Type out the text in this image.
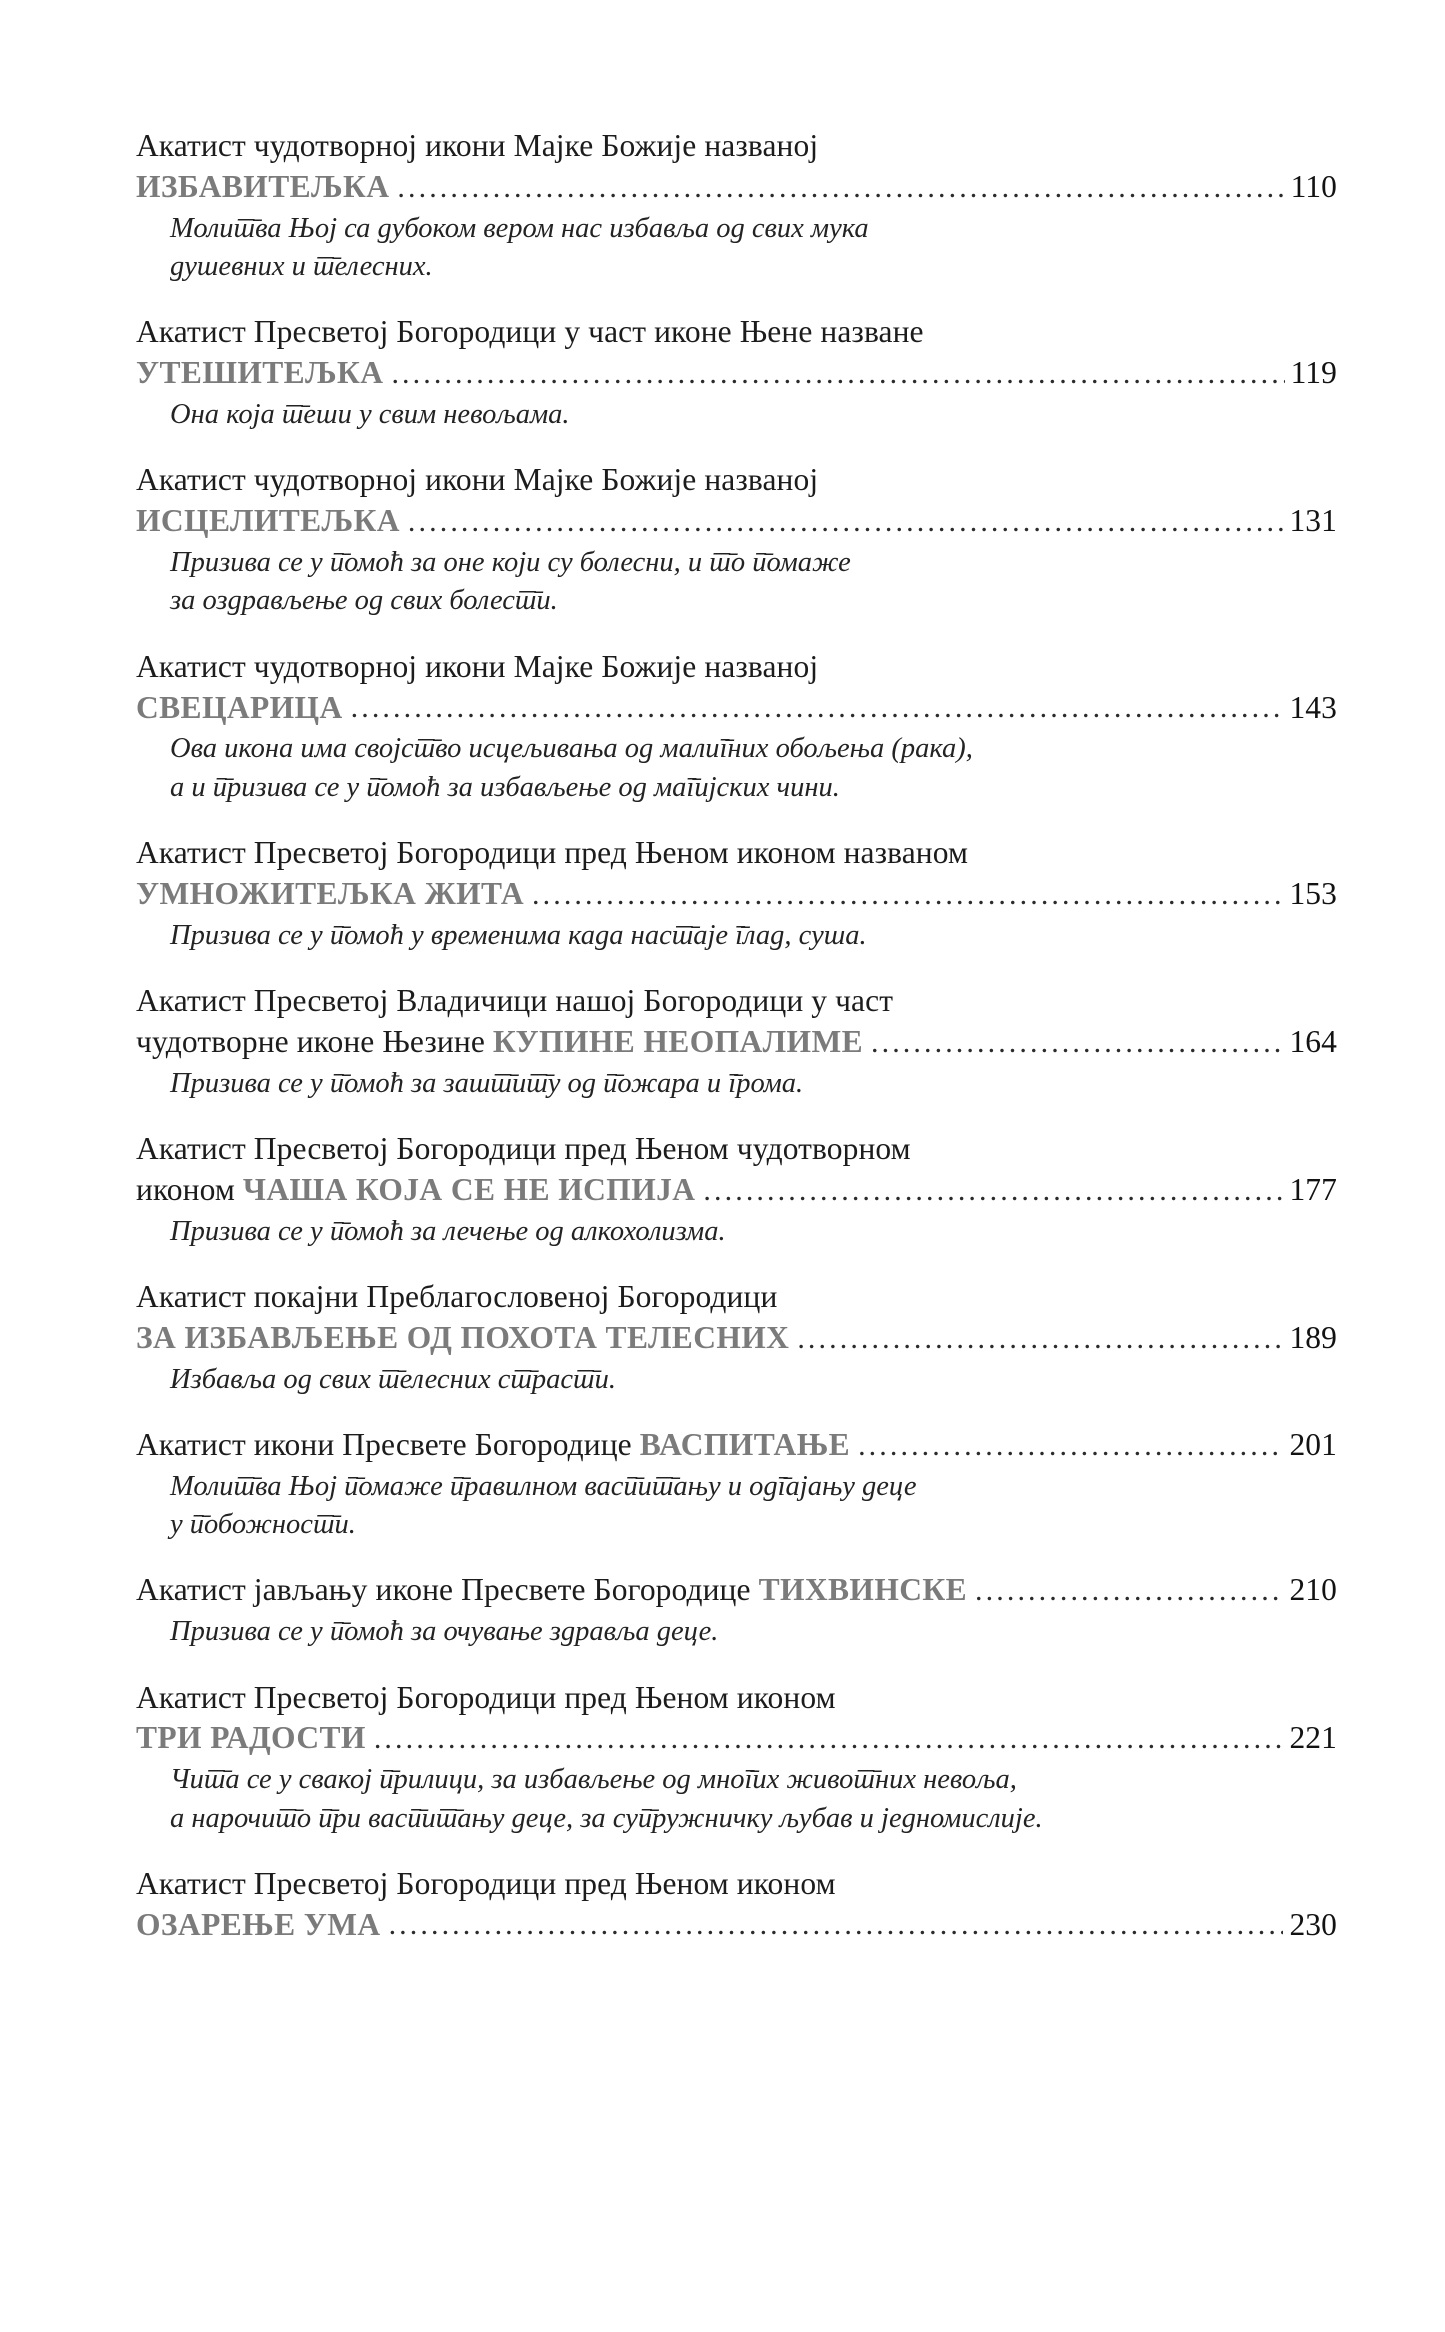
Акатист чудотворној икони Мајке Божије названој
ИЗБАВИТЕЉКА .....	110
Молит̄ва Њој са дубоком вером нас избавља од свих мука
душевних и т̄елесних.
Акатист Пресветој Богородици у част иконе Њене назване
УТЕШИТЕЉКА .....	119
Она која т̄еши у свим невољама.
Акатист чудотворној икони Мајке Божије названој
ИСЦЕЛИТЕЉКА .....	131
Призива се у п̄омоћ за оне који су болесни, и т̄о п̄омаже
за оздрављење од свих болест̄и.
Акатист чудотворној икони Мајке Божије названој
СВЕЦАРИЦА .....	143
Ова икона има својст̄во исцељивања од малиг̄них обољења (рака),
а и п̄ризива се у п̄омоћ за избављење од маг̄ијских чини.
Акатист Пресветој Богородици пред Њеном иконом названом
УМНОЖИТЕЉКА ЖИТА .....	153
Призива се у п̄омоћ у временима када наст̄аје г̄лад, суша.
Акатист Пресветој Владичици нашој Богородици у част
чудотворне иконе Њезине КУПИНЕ НЕОПАЛИМЕ .....	164
Призива се у п̄омоћ за зашт̄ит̄у од п̄ожара и г̄рома.
Акатист Пресветој Богородици пред Њеном чудотворном
иконом ЧАША КОЈА СЕ НЕ ИСПИЈА .....	177
Призива се у п̄омоћ за лечење од алкохолизма.
Акатист покајни Преблагословеној Богородици
ЗА ИЗБАВЉЕЊЕ ОД ПОХОТА ТЕЛЕСНИХ .....	189
Избавља од свих т̄елесних ст̄раст̄и.
Акатист икони Пресвете Богородице ВАСПИТАЊЕ .....	201
Молит̄ва Њој п̄омаже п̄равилном васп̄ит̄ању и одг̄ајању деце
у п̄обожност̄и.
Акатист јављању иконе Пресвете Богородице ТИХВИНСКЕ .....	210
Призива се у п̄омоћ за очување здравља деце.
Акатист Пресветој Богородици пред Њеном иконом
ТРИ РАДОСТИ .....	221
Чит̄а се у свакој п̄рилици, за избављење од мног̄их живот̄них невоља,
а нарочит̄о п̄ри васп̄ит̄ању деце, за суп̄ружничку љубав и једномислије.
Акатист Пресветој Богородици пред Њеном иконом
ОЗАРЕЊЕ УМА .....	230
